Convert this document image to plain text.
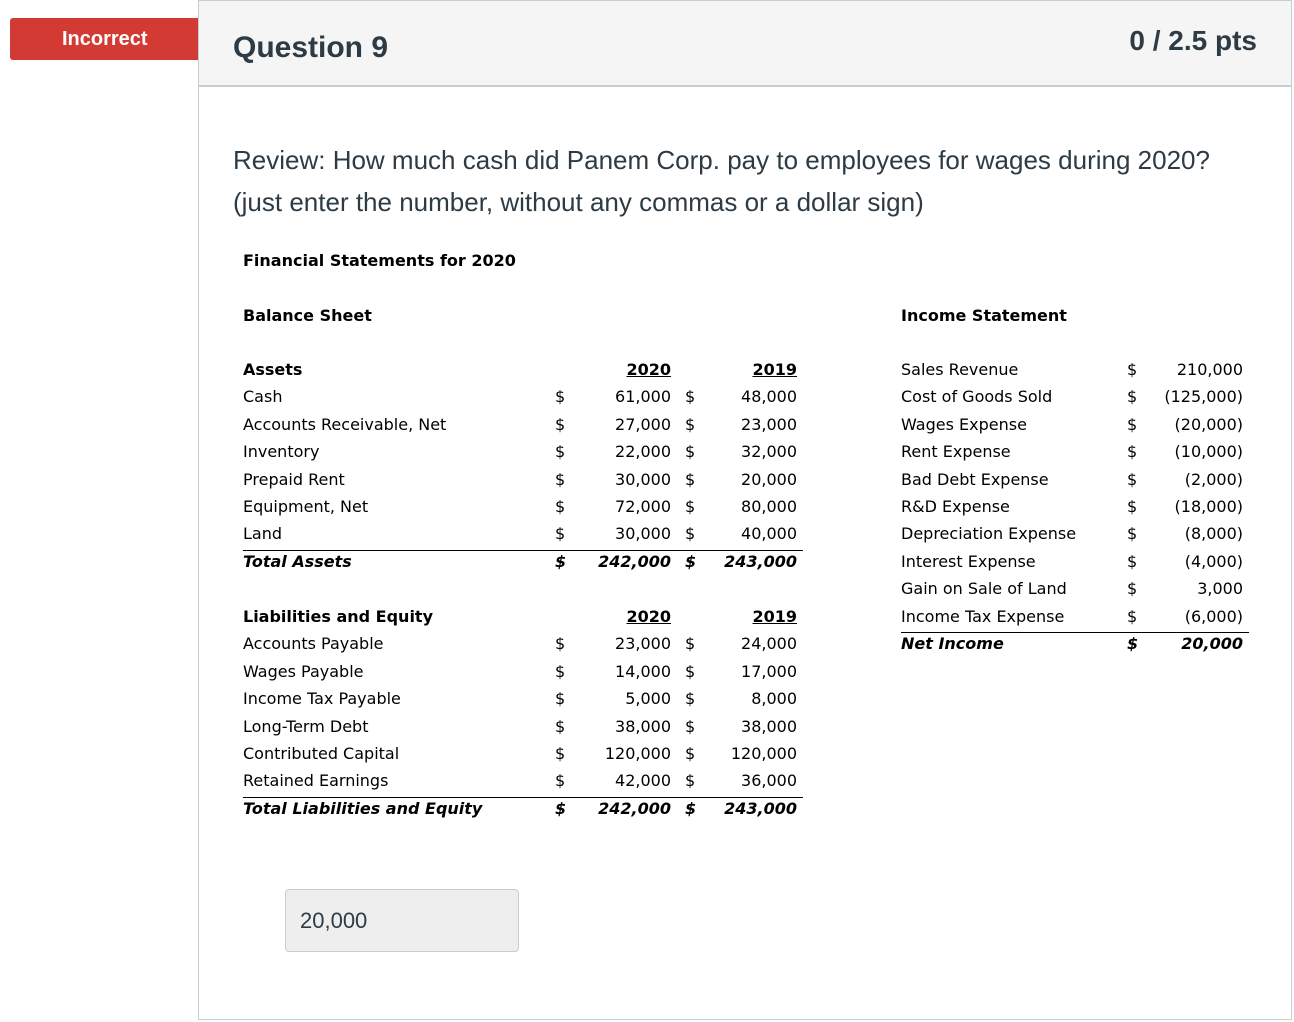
Incorrect	Question 9	0 / 2.5 pts
Review: How much cash did Panem Corp. pay to employees for wages during 2020? (just enter the number, without any commas or a dollar sign)
Financial Statements for 2020
Balance Sheet	Income Statement
Assets	2020	2019
Cash	$	61,000 $	48,000
Accounts Receivable, Net	$	27,000 $	23,000
Inventory	$	22,000 $	32,000
Prepaid Rent	$	30,000 $	20,000
Equipment, Net	$	72,000 $	80,000
Land	$	30,000 $	40,000
Total Assets	$	242,000 $	243,000
Liabilities and Equity	2020	2019
Accounts Payable	$	23,000 $	24,000
Wages Payable	$	14,000 $	17,000
Income Tax Payable	$	5,000 $	8,000
Long-Term Debt	$	38,000 $	38,000
Contributed Capital	$	120,000 $	120,000
Retained Earnings	$	42,000 $	36,000
Total Liabilities and Equity	$	242,000 $	243,000
Sales Revenue	$	210,000
Cost of Goods Sold	$	(125,000)
Wages Expense	$	(20,000)
Rent Expense	$	(10,000)
Bad Debt Expense	$	(2,000)
R&D Expense	$	(18,000)
Depreciation Expense	$	(8,000)
Interest Expense	$	(4,000)
Gain on Sale of Land	$	3,000
Income Tax Expense	$	(6,000)
Net Income	$	20,000
20,000
